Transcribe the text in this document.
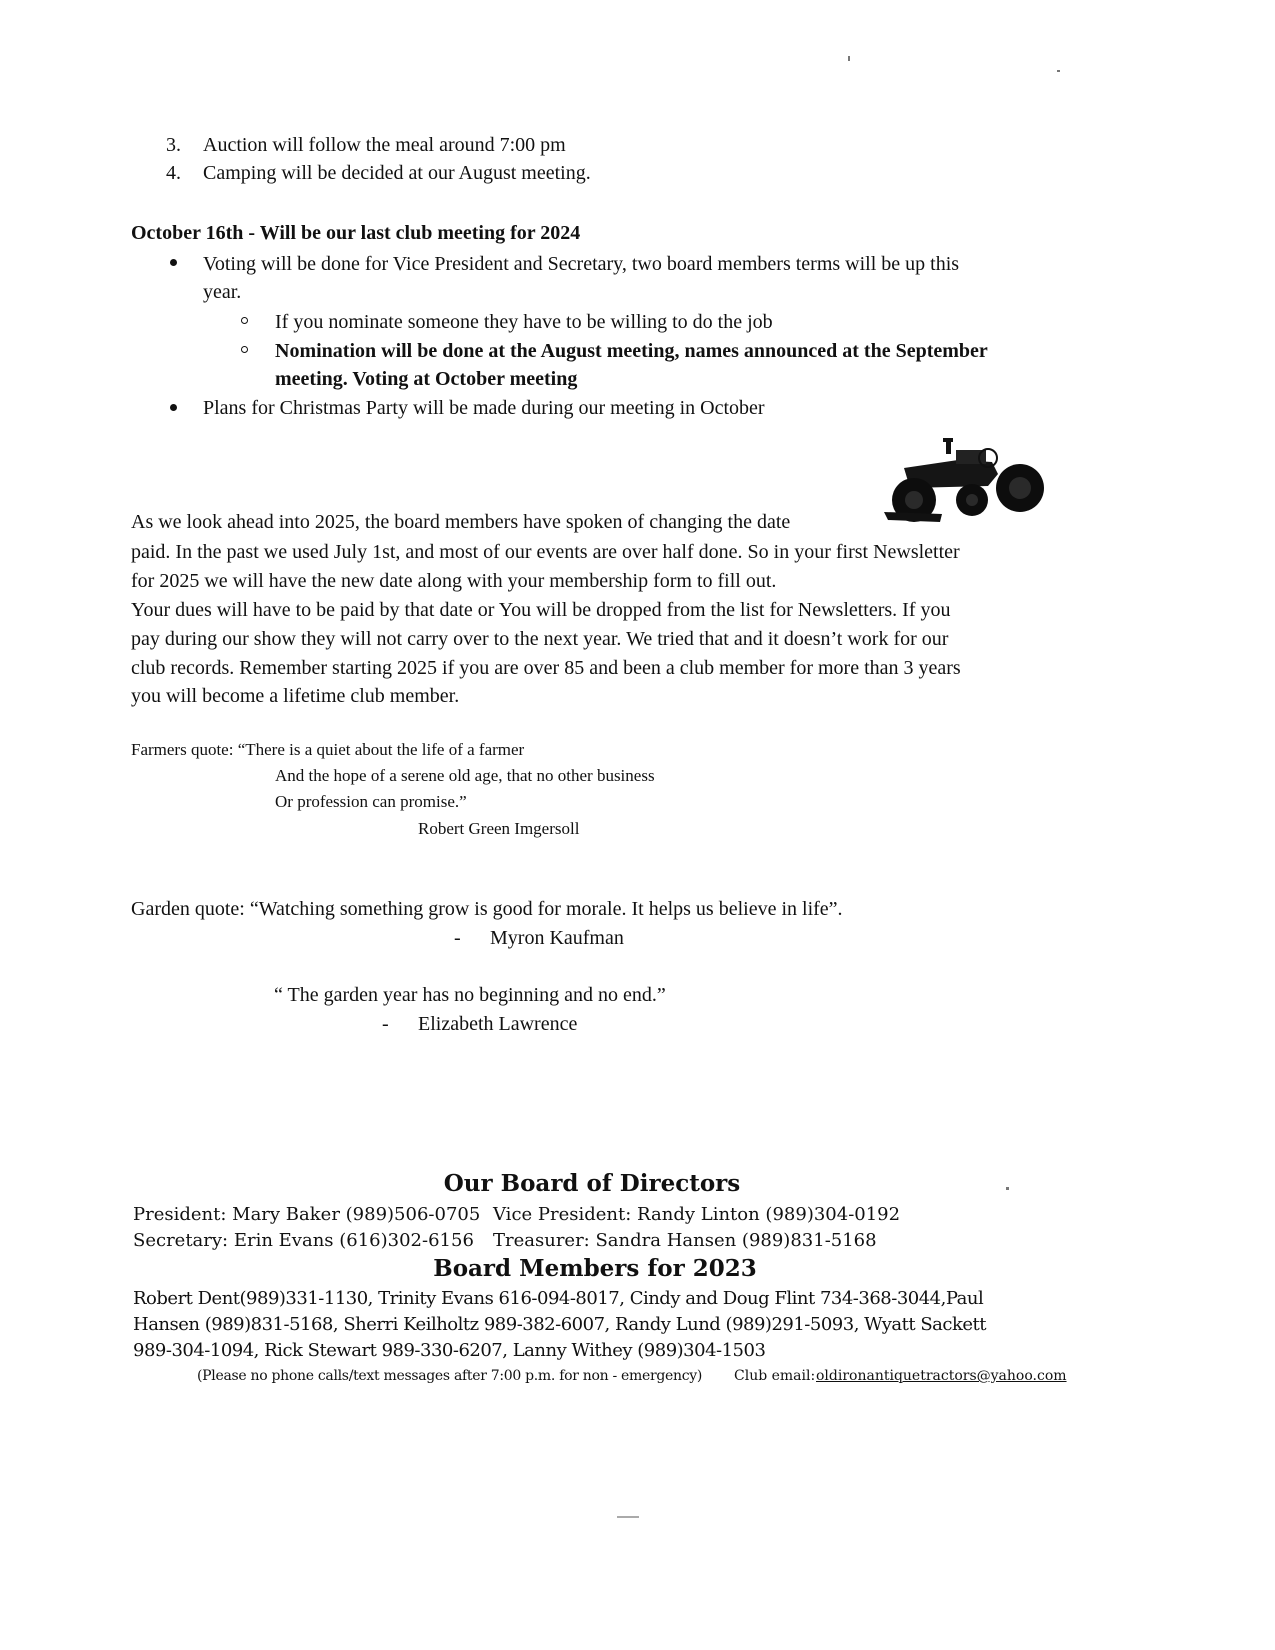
3. Auction will follow the meal around 7:00 pm
4. Camping will be decided at our August meeting.
October 16th - Will be our last club meeting for 2024
Voting will be done for Vice President and Secretary, two board members terms will be up this
year.
If you nominate someone they have to be willing to do the job
Nomination will be done at the August meeting, names announced at the September
meeting. Voting at October meeting
Plans for Christmas Party will be made during our meeting in October
As we look ahead into 2025, the board members have spoken of changing the date
paid. In the past we used July 1st, and most of our events are over half done. So in your first Newsletter
for 2025 we will have the new date along with your membership form to fill out.
Your dues will have to be paid by that date or You will be dropped from the list for Newsletters. If you
pay during our show they will not carry over to the next year. We tried that and it doesn’t work for our
club records. Remember starting 2025 if you are over 85 and been a club member for more than 3 years
you will become a lifetime club member.
Farmers quote: “There is a quiet about the life of a farmer
And the hope of a serene old age, that no other business
Or profession can promise.”
Robert Green Imgersoll
Garden quote: “Watching something grow is good for morale. It helps us believe in life”.
- Myron Kaufman
“ The garden year has no beginning and no end.”
- Elizabeth Lawrence
Our Board of Directors
President: Mary Baker (989)506-0705 Vice President: Randy Linton (989)304-0192
Secretary: Erin Evans (616)302-6156 Treasurer: Sandra Hansen (989)831-5168
Board Members for 2023
Robert Dent(989)331-1130, Trinity Evans 616-094-8017, Cindy and Doug Flint 734-368-3044,Paul
Hansen (989)831-5168, Sherri Keilholtz 989-382-6007, Randy Lund (989)291-5093, Wyatt Sackett
989-304-1094, Rick Stewart 989-330-6207, Lanny Withey (989)304-1503
(Please no phone calls/text messages after 7:00 p.m. for non - emergency) Club email: oldironantiquetractors@yahoo.com
